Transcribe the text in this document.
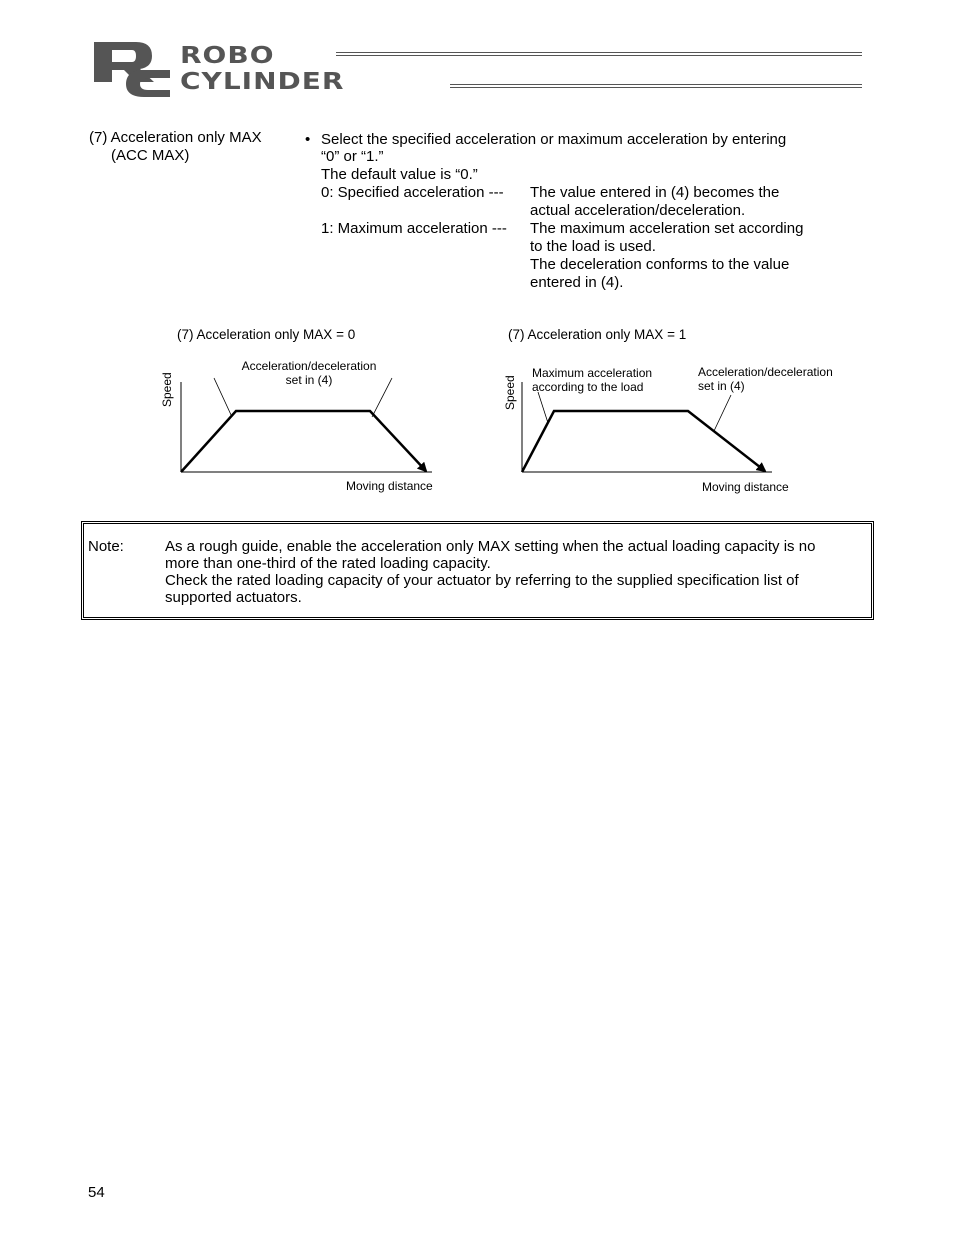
ROBO
CYLINDER
(7) Acceleration only MAX
(ACC MAX)
• Select the specified acceleration or maximum acceleration by entering
“0” or “1.”
The default value is “0.”
0: Specified acceleration --- The value entered in (4) becomes the
actual acceleration/deceleration.
1: Maximum acceleration --- The maximum acceleration set according
to the load is used.
The deceleration conforms to the value
entered in (4).
(7) Acceleration only MAX = 0
Acceleration/deceleration
set in (4)
Speed
Moving distance
(7) Acceleration only MAX = 1
Maximum acceleration
according to the load
Acceleration/deceleration
set in (4)
Speed
Moving distance
Note:	As a rough guide, enable the acceleration only MAX setting when the actual loading capacity is no
more than one-third of the rated loading capacity.
Check the rated loading capacity of your actuator by referring to the supplied specification list of
supported actuators.
54
